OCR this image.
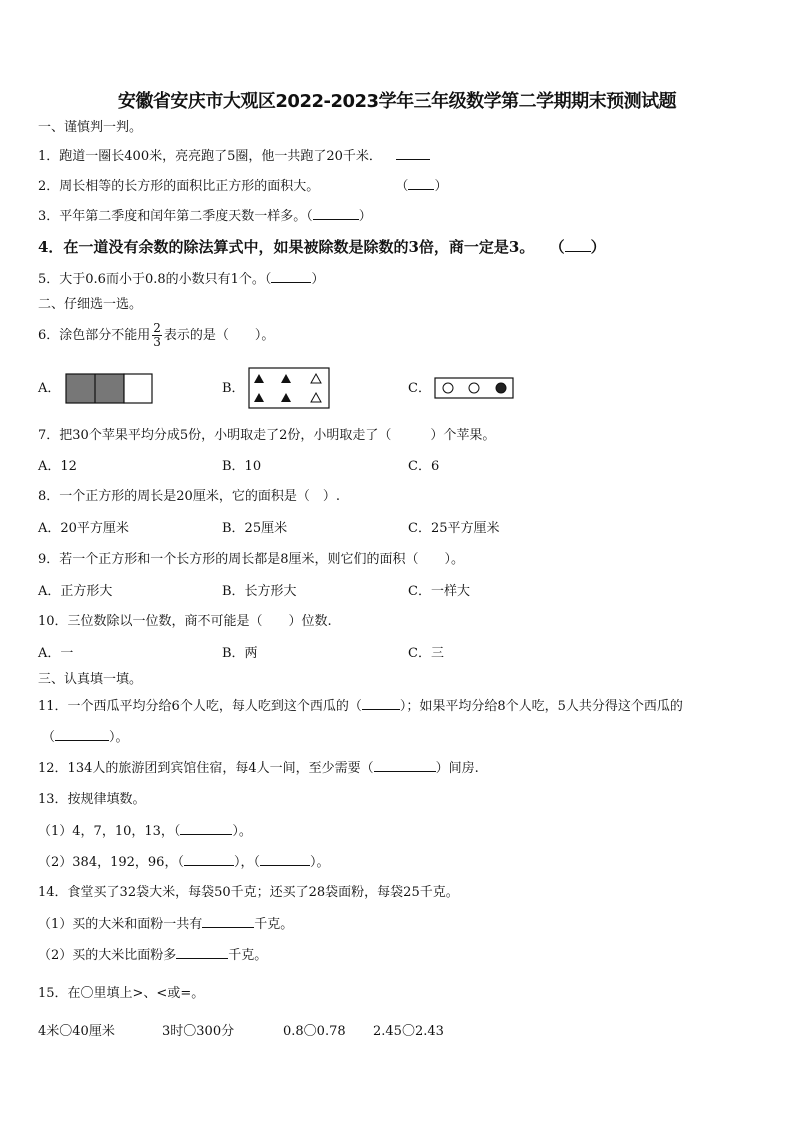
安徽省安庆市大观区2022-2023学年三年级数学第二学期期末预测试题
一、谨慎判一判。
1．跑道一圈长400米，亮亮跑了5圈，他一共跑了20千米．
2．周长相等的长方形的面积比正方形的面积大。	（ ）
3．平年第二季度和闰年第二季度天数一样多。（	）
4．在一道没有余数的除法算式中，如果被除数是除数的3倍，商一定是3。 （ ）
5．大于0.6而小于0.8的小数只有1个。（	）
二、仔细选一选。
6．涂色部分不能用 $\frac{2}{3}$ 表示的是（　　）。
A．	B．	C．
7．把30个苹果平均分成5份，小明取走了2份，小明取走了（　　　）个苹果。
A．12	B．10	C．6
8．一个正方形的周长是20厘米，它的面积是（　）.
A．20平方厘米	B．25厘米	C．25平方厘米
9．若一个正方形和一个长方形的周长都是8厘米，则它们的面积（　　）。
A．正方形大	B．长方形大	C．一样大
10．三位数除以一位数，商不可能是（　　）位数.
A．一	B．两	C．三
三、认真填一填。
11．一个西瓜平均分给6个人吃，每人吃到这个西瓜的（	）；如果平均分给8个人吃，5人共分得这个西瓜的
（	）。
12．134人的旅游团到宾馆住宿，每4人一间，至少需要（	）间房.
13．按规律填数。
（1）4，7，10，13，（	）。
（2）384，192，96，（	），（	）。
14．食堂买了32袋大米，每袋50千克；还买了28袋面粉，每袋25千克。
（1）买的大米和面粉一共有	千克。
（2）买的大米比面粉多	千克。
15．在〇里填上>、<或=。
4米〇40厘米	3时〇300分	0.8〇0.78 2.45〇2.43
